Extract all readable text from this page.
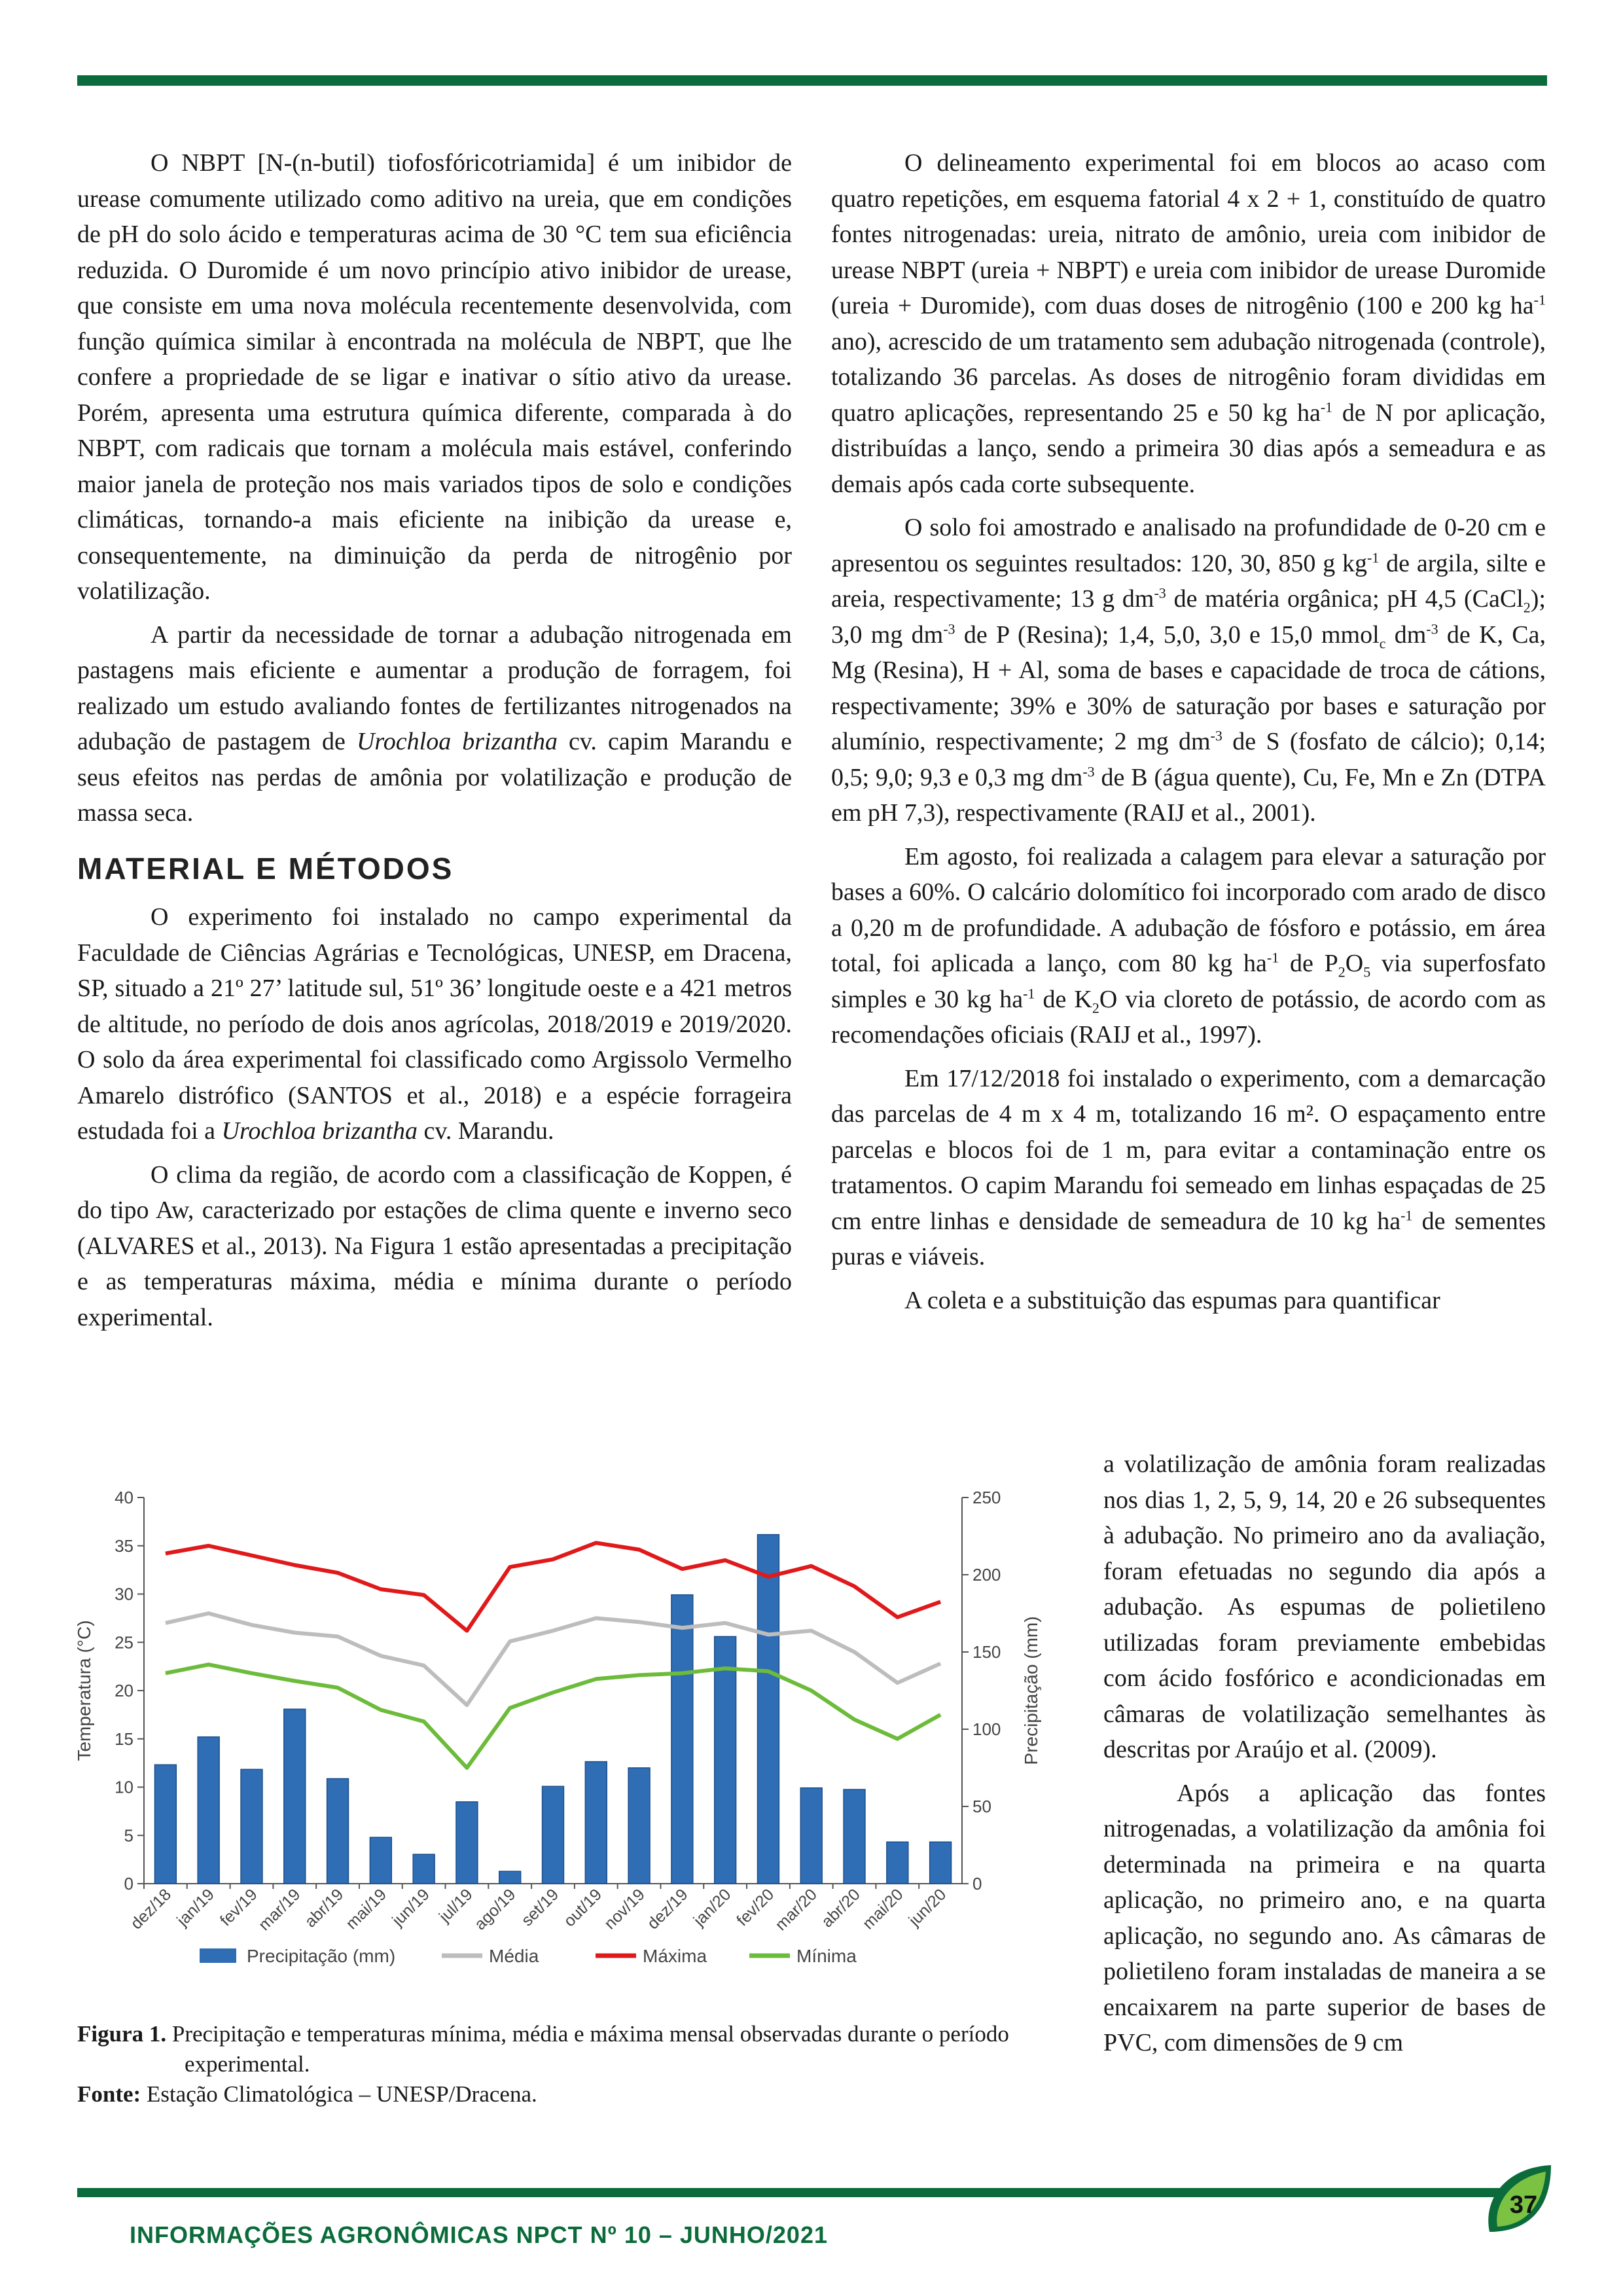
O NBPT [N-(n-butil) tiofosfóricotriamida] é um inibidor de urease comumente utilizado como aditivo na ureia, que em condições de pH do solo ácido e temperaturas acima de 30 °C tem sua eficiência reduzida. O Duromide é um novo princípio ativo inibidor de urease, que consiste em uma nova molécula recentemente desenvolvida, com função química similar à encontrada na molécula de NBPT, que lhe confere a propriedade de se ligar e inativar o sítio ativo da urease. Porém, apresenta uma estrutura química diferente, comparada à do NBPT, com radicais que tornam a molécula mais estável, conferindo maior janela de proteção nos mais variados tipos de solo e condições climáticas, tornando-a mais eficiente na inibição da urease e, consequentemente, na diminuição da perda de nitrogênio por volatilização.

A partir da necessidade de tornar a adubação nitrogenada em pastagens mais eficiente e aumentar a produção de forragem, foi realizado um estudo avaliando fontes de fertilizantes nitrogenados na adubação de pastagem de Urochloa brizantha cv. capim Marandu e seus efeitos nas perdas de amônia por volatilização e produção de massa seca.

MATERIAL E MÉTODOS

O experimento foi instalado no campo experimental da Faculdade de Ciências Agrárias e Tecnológicas, UNESP, em Dracena, SP, situado a 21º 27’ latitude sul, 51º 36’ longitude oeste e a 421 metros de altitude, no período de dois anos agrícolas, 2018/2019 e 2019/2020. O solo da área experimental foi classificado como Argissolo Vermelho Amarelo distrófico (SANTOS et al., 2018) e a espécie forrageira estudada foi a Urochloa brizantha cv. Marandu.

O clima da região, de acordo com a classificação de Koppen, é do tipo Aw, caracterizado por estações de clima quente e inverno seco (ALVARES et al., 2013). Na Figura 1 estão apresentadas a precipitação e as temperaturas máxima, média e mínima durante o período experimental.

O delineamento experimental foi em blocos ao acaso com quatro repetições, em esquema fatorial 4 x 2 + 1, constituído de quatro fontes nitrogenadas: ureia, nitrato de amônio, ureia com inibidor de urease NBPT (ureia + NBPT) e ureia com inibidor de urease Duromide (ureia + Duromide), com duas doses de nitrogênio (100 e 200 kg $ha^{-1}$ ano), acrescido de um tratamento sem adubação nitrogenada (controle), totalizando 36 parcelas. As doses de nitrogênio foram divididas em quatro aplicações, representando 25 e 50 kg $ha^{-1}$ de N por aplicação, distribuídas a lanço, sendo a primeira 30 dias após a semeadura e as demais após cada corte subsequente.

O solo foi amostrado e analisado na profundidade de 0-20 cm e apresentou os seguintes resultados: 120, 30, 850 g $kg^{-1}$ de argila, silte e areia, respectivamente; 13 g $dm^{-3}$ de matéria orgânica; pH 4,5 (CaCl$_2$); 3,0 mg $dm^{-3}$ de P (Resina); 1,4, 5,0, 3,0 e 15,0 mmol$_c$ $dm^{-3}$ de K, Ca, Mg (Resina), H + Al, soma de bases e capacidade de troca de cátions, respectivamente; 39% e 30% de saturação por bases e saturação por alumínio, respectivamente; 2 mg $dm^{-3}$ de S (fosfato de cálcio); 0,14; 0,5; 9,0; 9,3 e 0,3 mg $dm^{-3}$ de B (água quente), Cu, Fe, Mn e Zn (DTPA em pH 7,3), respectivamente (RAIJ et al., 2001).

Em agosto, foi realizada a calagem para elevar a saturação por bases a 60%. O calcário dolomítico foi incorporado com arado de disco a 0,20 m de profundidade. A adubação de fósforo e potássio, em área total, foi aplicada a lanço, com 80 kg $ha^{-1}$ de $P_2O_5$ via superfosfato simples e 30 kg $ha^{-1}$ de $K_2O$ via cloreto de potássio, de acordo com as recomendações oficiais (RAIJ et al., 1997).

Em 17/12/2018 foi instalado o experimento, com a demarcação das parcelas de 4 m x 4 m, totalizando 16 m². O espaçamento entre parcelas e blocos foi de 1 m, para evitar a contaminação entre os tratamentos. O capim Marandu foi semeado em linhas espaçadas de 25 cm entre linhas e densidade de semeadura de 10 kg $ha^{-1}$ de sementes puras e viáveis.

A coleta e a substituição das espumas para quantificar

a volatilização de amônia foram realizadas nos dias 1, 2, 5, 9, 14, 20 e 26 subsequentes à adubação. No primeiro ano da avaliação, foram efetuadas no segundo dia após a adubação. As espumas de polietileno utilizadas foram previamente embebidas com ácido fosfórico e acondicionadas em câmaras de volatilização semelhantes às descritas por Araújo et al. (2009).

Após a aplicação das fontes nitrogenadas, a volatilização da amônia foi determinada na primeira e na quarta aplicação, no primeiro ano, e na quarta aplicação, no segundo ano. As câmaras de polietileno foram instaladas de maneira a se encaixarem na parte superior de bases de PVC, com dimensões de 9 cm

0
5
10
15
20
25
30
35
40
0
50
100
150
200
250
Temperatura (°C)	Precipitação (mm)
dez/18
jan/19
fev/19
mar/19
abr/19
mai/19
jun/19 jul/19
ago/19
set/19
out/19
nov/19
dez/19
jan/20
fev/20
mar/20
abr/20
mai/20
jun/20
Precipitação (mm)	Média	Máxima	Mínima
Figura 1. Precipitação e temperaturas mínima, média e máxima mensal observadas durante o período experimental.
Fonte: Estação Climatológica – UNESP/Dracena.
INFORMAÇÕES AGRONÔMICAS NPCT Nº 10 – JUNHO/2021
37
